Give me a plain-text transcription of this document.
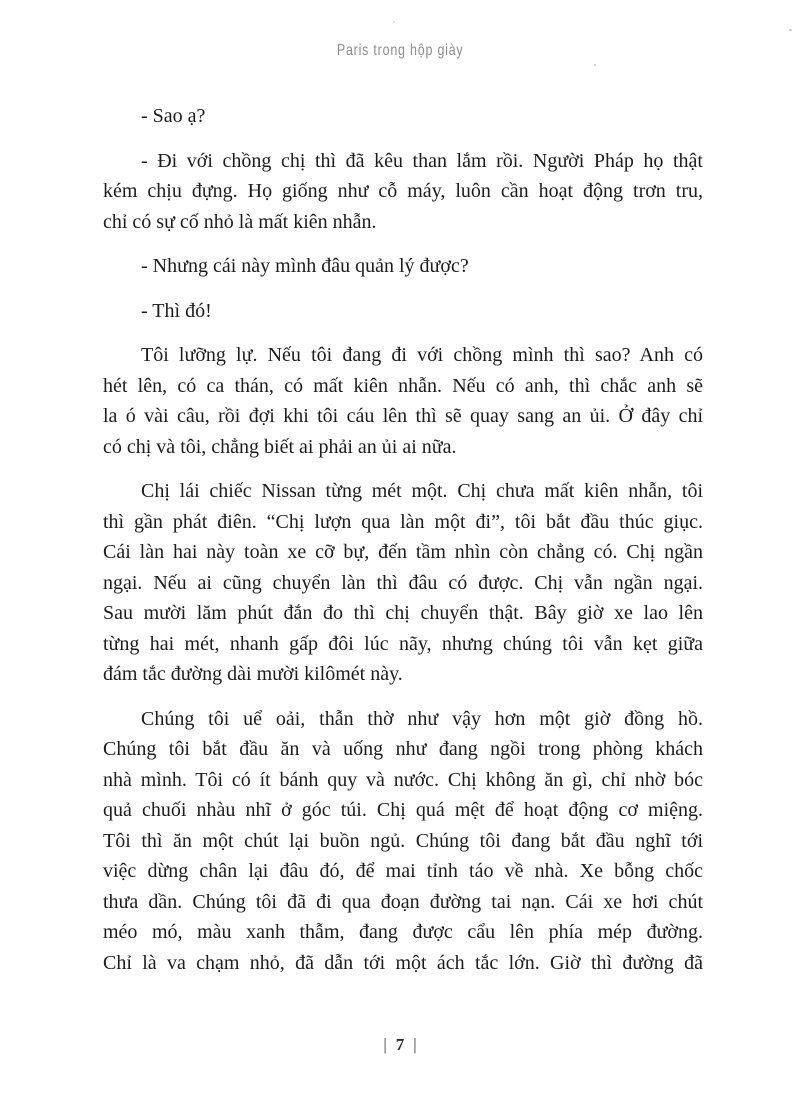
Paris trong hộp giày

- Sao ạ?

- Đi với chồng chị thì đã kêu than lắm rồi. Người Pháp họ thật
kém chịu đựng. Họ giống như cỗ máy, luôn cần hoạt động trơn tru,
chỉ có sự cố nhỏ là mất kiên nhẫn.

- Nhưng cái này mình đâu quản lý được?

- Thì đó!

Tôi lưỡng lự. Nếu tôi đang đi với chồng mình thì sao? Anh có
hét lên, có ca thán, có mất kiên nhẫn. Nếu có anh, thì chắc anh sẽ
la ó vài câu, rồi đợi khi tôi cáu lên thì sẽ quay sang an ủi. Ở đây chỉ
có chị và tôi, chẳng biết ai phải an ủi ai nữa.

Chị lái chiếc Nissan từng mét một. Chị chưa mất kiên nhẫn, tôi
thì gần phát điên. “Chị lượn qua làn một đi”, tôi bắt đầu thúc giục.
Cái làn hai này toàn xe cỡ bự, đến tầm nhìn còn chẳng có. Chị ngần
ngại. Nếu ai cũng chuyển làn thì đâu có được. Chị vẫn ngần ngại.
Sau mười lăm phút đắn đo thì chị chuyển thật. Bây giờ xe lao lên
từng hai mét, nhanh gấp đôi lúc nãy, nhưng chúng tôi vẫn kẹt giữa
đám tắc đường dài mười kilômét này.

Chúng tôi uể oải, thẫn thờ như vậy hơn một giờ đồng hồ.
Chúng tôi bắt đầu ăn và uống như đang ngồi trong phòng khách
nhà mình. Tôi có ít bánh quy và nước. Chị không ăn gì, chỉ nhờ bóc
quả chuối nhàu nhĩ ở góc túi. Chị quá mệt để hoạt động cơ miệng.
Tôi thì ăn một chút lại buồn ngủ. Chúng tôi đang bắt đầu nghĩ tới
việc dừng chân lại đâu đó, để mai tỉnh táo về nhà. Xe bỗng chốc
thưa dần. Chúng tôi đã đi qua đoạn đường tai nạn. Cái xe hơi chút
méo mó, màu xanh thẫm, đang được cẩu lên phía mép đường.
Chỉ là va chạm nhỏ, đã dẫn tới một ách tắc lớn. Giờ thì đường đã

| 7 |
